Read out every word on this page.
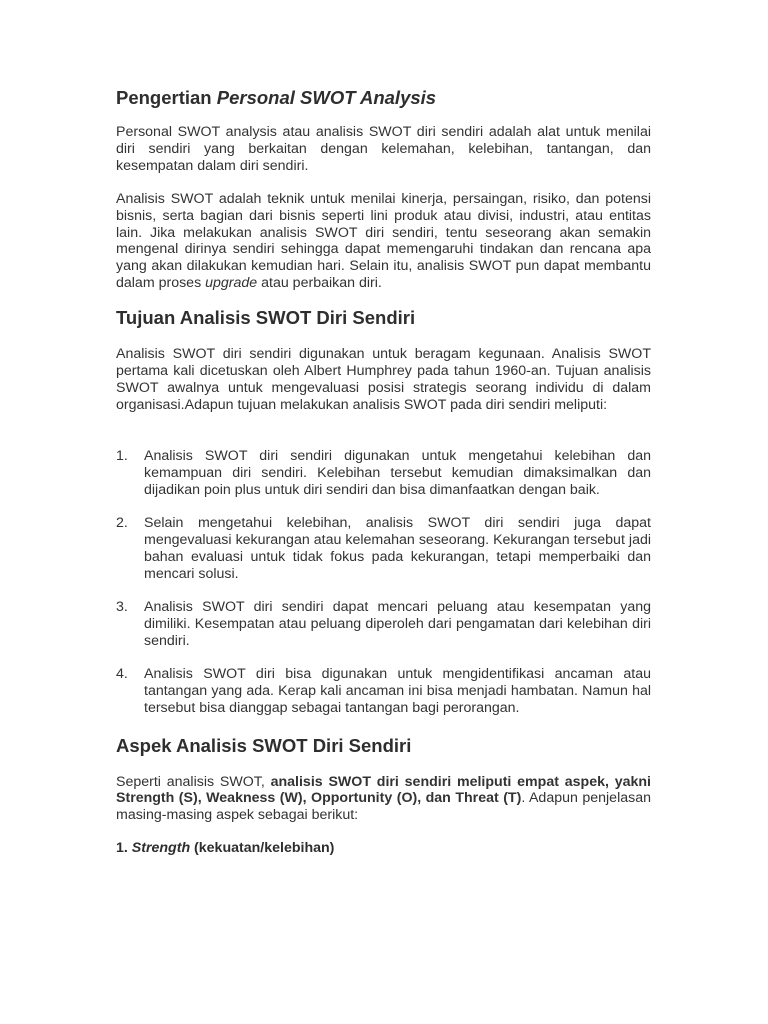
Pengertian Personal SWOT Analysis

Personal SWOT analysis atau analisis SWOT diri sendiri adalah alat untuk menilai diri sendiri yang berkaitan dengan kelemahan, kelebihan, tantangan, dan kesempatan dalam diri sendiri.

Analisis SWOT adalah teknik untuk menilai kinerja, persaingan, risiko, dan potensi bisnis, serta bagian dari bisnis seperti lini produk atau divisi, industri, atau entitas lain. Jika melakukan analisis SWOT diri sendiri, tentu seseorang akan semakin mengenal dirinya sendiri sehingga dapat memengaruhi tindakan dan rencana apa yang akan dilakukan kemudian hari. Selain itu, analisis SWOT pun dapat membantu dalam proses upgrade atau perbaikan diri.

Tujuan Analisis SWOT Diri Sendiri

Analisis SWOT diri sendiri digunakan untuk beragam kegunaan. Analisis SWOT pertama kali dicetuskan oleh Albert Humphrey pada tahun 1960-an. Tujuan analisis SWOT awalnya untuk mengevaluasi posisi strategis seorang individu di dalam organisasi.Adapun tujuan melakukan analisis SWOT pada diri sendiri meliputi:

1. Analisis SWOT diri sendiri digunakan untuk mengetahui kelebihan dan kemampuan diri sendiri. Kelebihan tersebut kemudian dimaksimalkan dan dijadikan poin plus untuk diri sendiri dan bisa dimanfaatkan dengan baik.
2. Selain mengetahui kelebihan, analisis SWOT diri sendiri juga dapat mengevaluasi kekurangan atau kelemahan seseorang. Kekurangan tersebut jadi bahan evaluasi untuk tidak fokus pada kekurangan, tetapi memperbaiki dan mencari solusi.
3. Analisis SWOT diri sendiri dapat mencari peluang atau kesempatan yang dimiliki. Kesempatan atau peluang diperoleh dari pengamatan dari kelebihan diri sendiri.
4. Analisis SWOT diri bisa digunakan untuk mengidentifikasi ancaman atau tantangan yang ada. Kerap kali ancaman ini bisa menjadi hambatan. Namun hal tersebut bisa dianggap sebagai tantangan bagi perorangan.
Aspek Analisis SWOT Diri Sendiri

Seperti analisis SWOT, analisis SWOT diri sendiri meliputi empat aspek, yakni Strength (S), Weakness (W), Opportunity (O), dan Threat (T). Adapun penjelasan masing-masing aspek sebagai berikut:

1. Strength (kekuatan/kelebihan)
